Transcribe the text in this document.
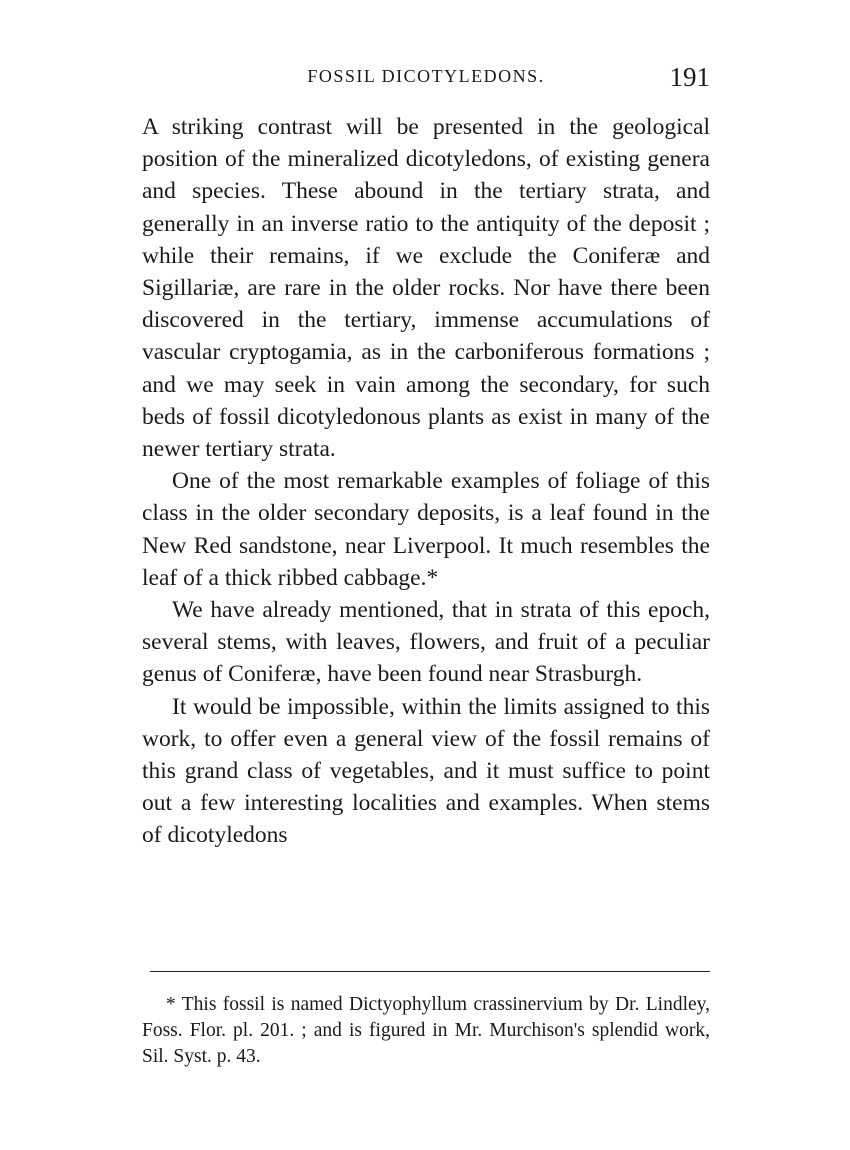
FOSSIL DICOTYLEDONS.	191

A striking contrast will be presented in the geological position of the mineralized dicotyledons, of existing genera and species. These abound in the tertiary strata, and generally in an inverse ratio to the antiquity of the deposit ; while their remains, if we exclude the Coniferæ and Sigillariæ, are rare in the older rocks. Nor have there been discovered in the tertiary, immense accumulations of vascular cryptogamia, as in the carboniferous formations ; and we may seek in vain among the secondary, for such beds of fossil dicotyledonous plants as exist in many of the newer tertiary strata.

One of the most remarkable examples of foliage of this class in the older secondary deposits, is a leaf found in the New Red sandstone, near Liverpool. It much resembles the leaf of a thick ribbed cabbage.*

We have already mentioned, that in strata of this epoch, several stems, with leaves, flowers, and fruit of a peculiar genus of Coniferæ, have been found near Strasburgh.

It would be impossible, within the limits assigned to this work, to offer even a general view of the fossil remains of this grand class of vegetables, and it must suffice to point out a few interesting localities and examples. When stems of dicotyledons

* This fossil is named Dictyophyllum crassinervium by Dr. Lindley, Foss. Flor. pl. 201. ; and is figured in Mr. Murchison's splendid work, Sil. Syst. p. 43.
